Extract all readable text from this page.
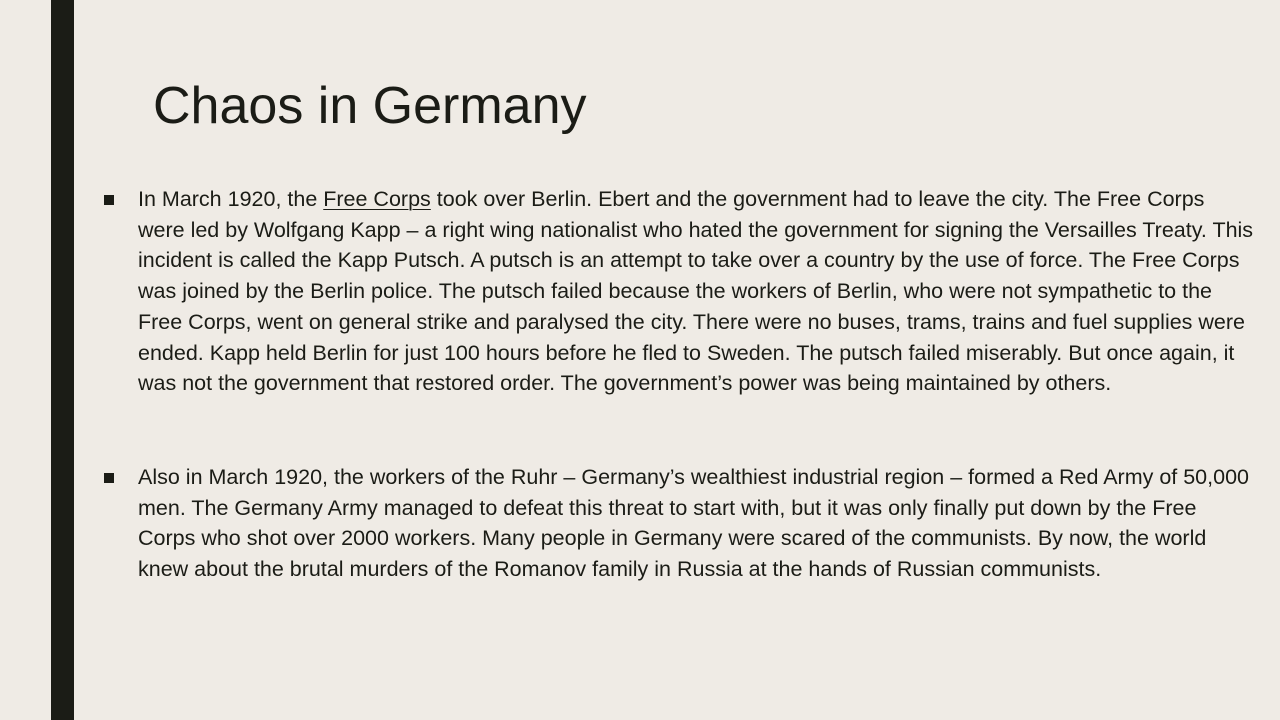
Chaos in Germany
In March 1920, the Free Corps took over Berlin. Ebert and the government had to leave the city. The Free Corps were led by Wolfgang Kapp – a right wing nationalist who hated the government for signing the Versailles Treaty. This incident is called the Kapp Putsch. A putsch is an attempt to take over a country by the use of force. The Free Corps was joined by the Berlin police. The putsch failed because the workers of Berlin, who were not sympathetic to the Free Corps, went on general strike and paralysed the city. There were no buses, trams, trains and fuel supplies were ended. Kapp held Berlin for just 100 hours before he fled to Sweden. The putsch failed miserably. But once again, it was not the government that restored order. The government’s power was being maintained by others.
Also in March 1920, the workers of the Ruhr – Germany’s wealthiest industrial region – formed a Red Army of 50,000 men. The Germany Army managed to defeat this threat to start with, but it was only finally put down by the Free Corps who shot over 2000 workers. Many people in Germany were scared of the communists. By now, the world knew about the brutal murders of the Romanov family in Russia at the hands of Russian communists.
